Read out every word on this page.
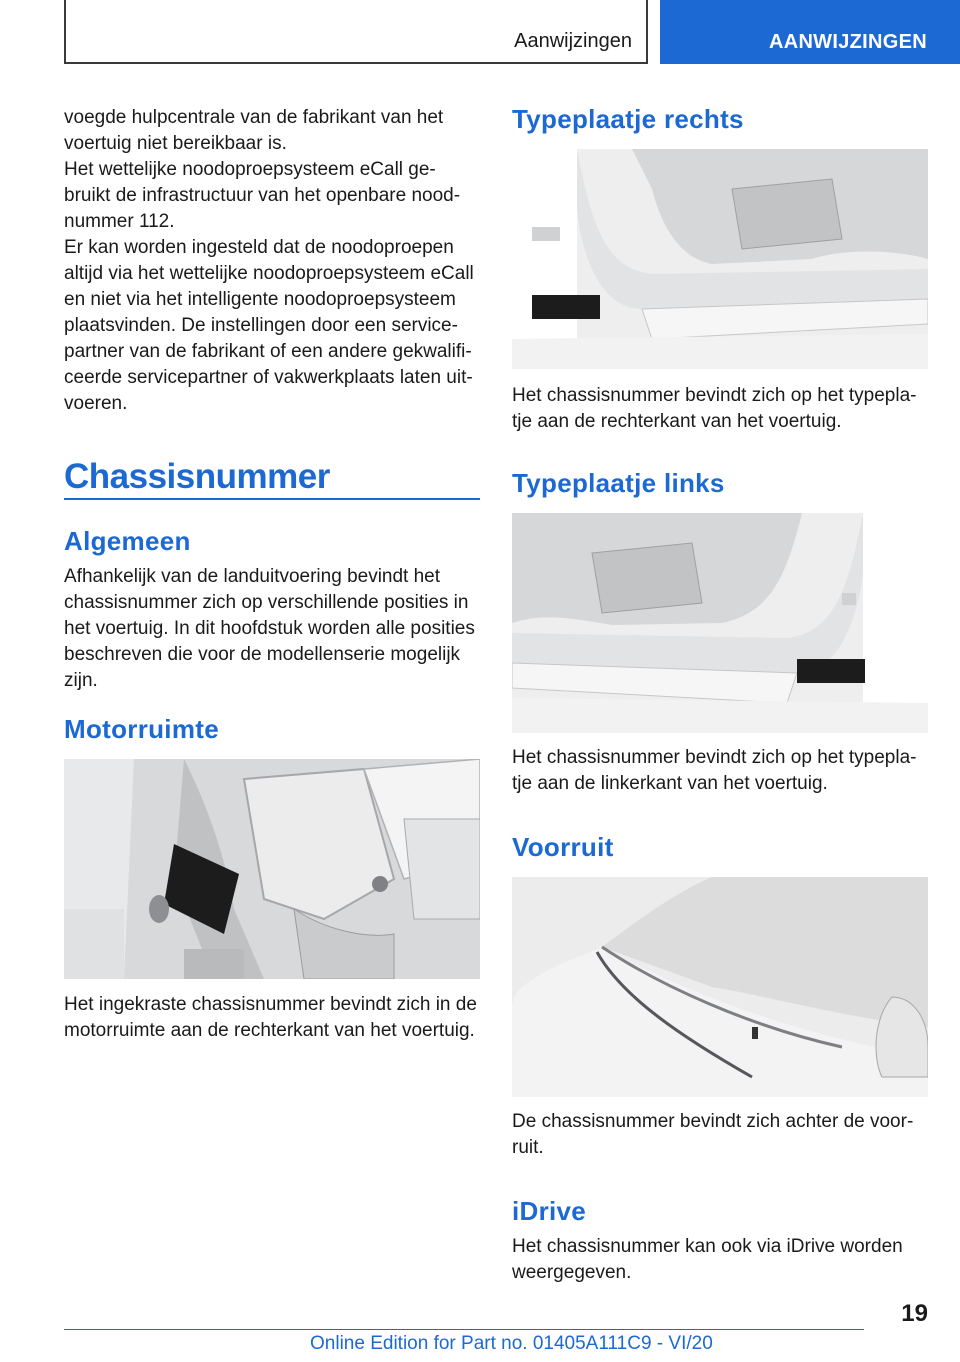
Aanwijzingen	AANWIJZINGEN

voegde hulpcentrale van de fabrikant van het voertuig niet bereikbaar is.

Het wettelijke noodoproepsysteem eCall ge-bruikt de infrastructuur van het openbare nood-nummer 112.

Er kan worden ingesteld dat de noodoproepen altijd via het wettelijke noodoproepsysteem eCall en niet via het intelligente noodoproepsysteem plaatsvinden. De instellingen door een service-partner van de fabrikant of een andere gekwalifi-ceerde servicepartner of vakwerkplaats laten uit-voeren.

Chassisnummer
Algemeen

Afhankelijk van de landuitvoering bevindt het chassisnummer zich op verschillende posities in het voertuig. In dit hoofdstuk worden alle posities beschreven die voor de modellenserie mogelijk zijn.

Motorruimte

Het ingekraste chassisnummer bevindt zich in de motorruimte aan de rechterkant van het voertuig.

Typeplaatje rechts

Het chassisnummer bevindt zich op het typepla-tje aan de rechterkant van het voertuig.

Typeplaatje links

Het chassisnummer bevindt zich op het typepla-tje aan de linkerkant van het voertuig.

Voorruit

De chassisnummer bevindt zich achter de voor-ruit.

iDrive

Het chassisnummer kan ook via iDrive worden weergegeven.

19
Online Edition for Part no. 01405A111C9 - VI/20
